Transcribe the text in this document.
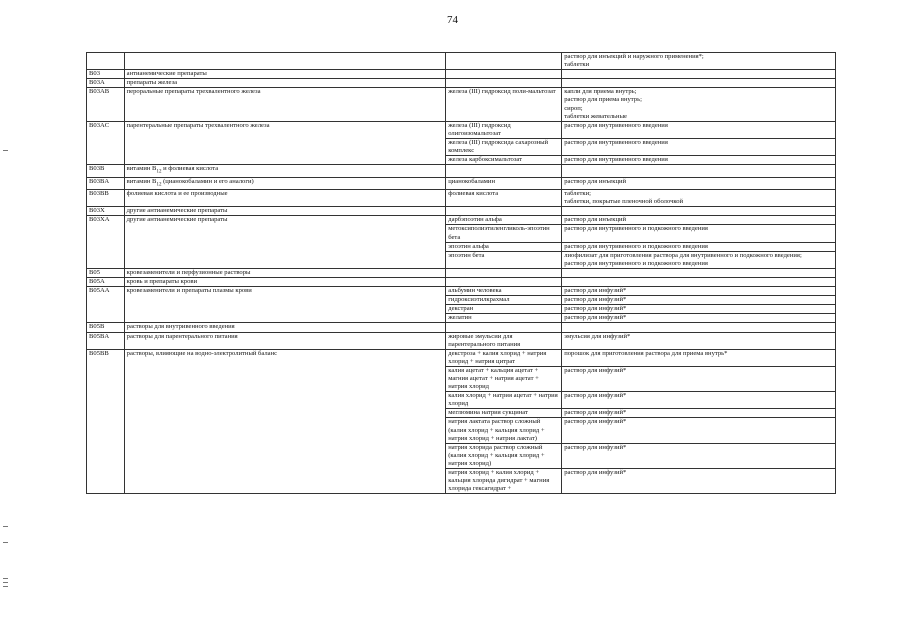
74

			раствор для инъекций и наружного применения*;
таблетки

B03	антианемические препараты		
B03A	препараты железа		
B03AB	пероральные препараты трехвалентного железа	железа (III) гидроксид поли-мальтозат	капли для приема внутрь;
раствор для приема внутрь;
сироп;
таблетки жевательные

B03AC	парентеральные препараты трехвалентного железа	железа (III) гидроксид олигоизомальтозат	раствор для внутривенного введения

		железа (III) гидроксида сахарозный комплекс	раствор для внутривенного введения

		железа карбоксимальтозат	раствор для внутривенного введения

B03B	витамин $B_{12}$ и фолиевая кислота		
B03BA	витамин $B_{12}$ (цианокобаламин и его аналоги)	цианокобаламин	раствор для инъекций

B03BB	фолиевая кислота и ее производные	фолиевая кислота	таблетки;
таблетки, покрытые пленочной оболочкой

B03X	другие антианемические препараты		
B03XA	другие антианемические препараты	дарбэпоэтин альфа	раствор для инъекций

		метоксиполиэтиленгликоль-эпоэтин бета	раствор для внутривенного и подкожного введения

		эпоэтин альфа	раствор для внутривенного и подкожного введения

		эпоэтин бета	лиофилизат для приготовления раствора для внутривенного и подкожного введения;
раствор для внутривенного и подкожного введения

B05	кровезаменители и перфузионные растворы		
B05A	кровь и препараты крови		
B05AA	кровезаменители и препараты плазмы крови	альбумин человека	раствор для инфузий*

		гидроксиэтилкрахмал	раствор для инфузий*

		декстран	раствор для инфузий*

		желатин	раствор для инфузий*

B05B	растворы для внутривенного введения		
B05BA	растворы для парентерального питания	жировые эмульсии для парентерального питания	эмульсия для инфузий*

B05BB	растворы, влияющие на водно-электролитный баланс	декстроза + калия хлорид + натрия хлорид + натрия цитрат	порошок для приготовления раствора для приема внутрь*

		калия ацетат + кальция ацетат + магния ацетат + натрия ацетат + натрия хлорид	раствор для инфузий*

		калия хлорид + натрия ацетат + натрия хлорид	раствор для инфузий*

		меглюмина натрия сукцинат	раствор для инфузий*

		натрия лактата раствор сложный (калия хлорид + кальция хлорид + натрия хлорид + натрия лактат)	раствор для инфузий*

		натрия хлорида раствор сложный (калия хлорид + кальция хлорид + натрия хлорид)	раствор для инфузий*

		натрия хлорид + калия хлорид + кальция хлорида дигидрат + магния хлорида гексагидрат +	раствор для инфузий*
